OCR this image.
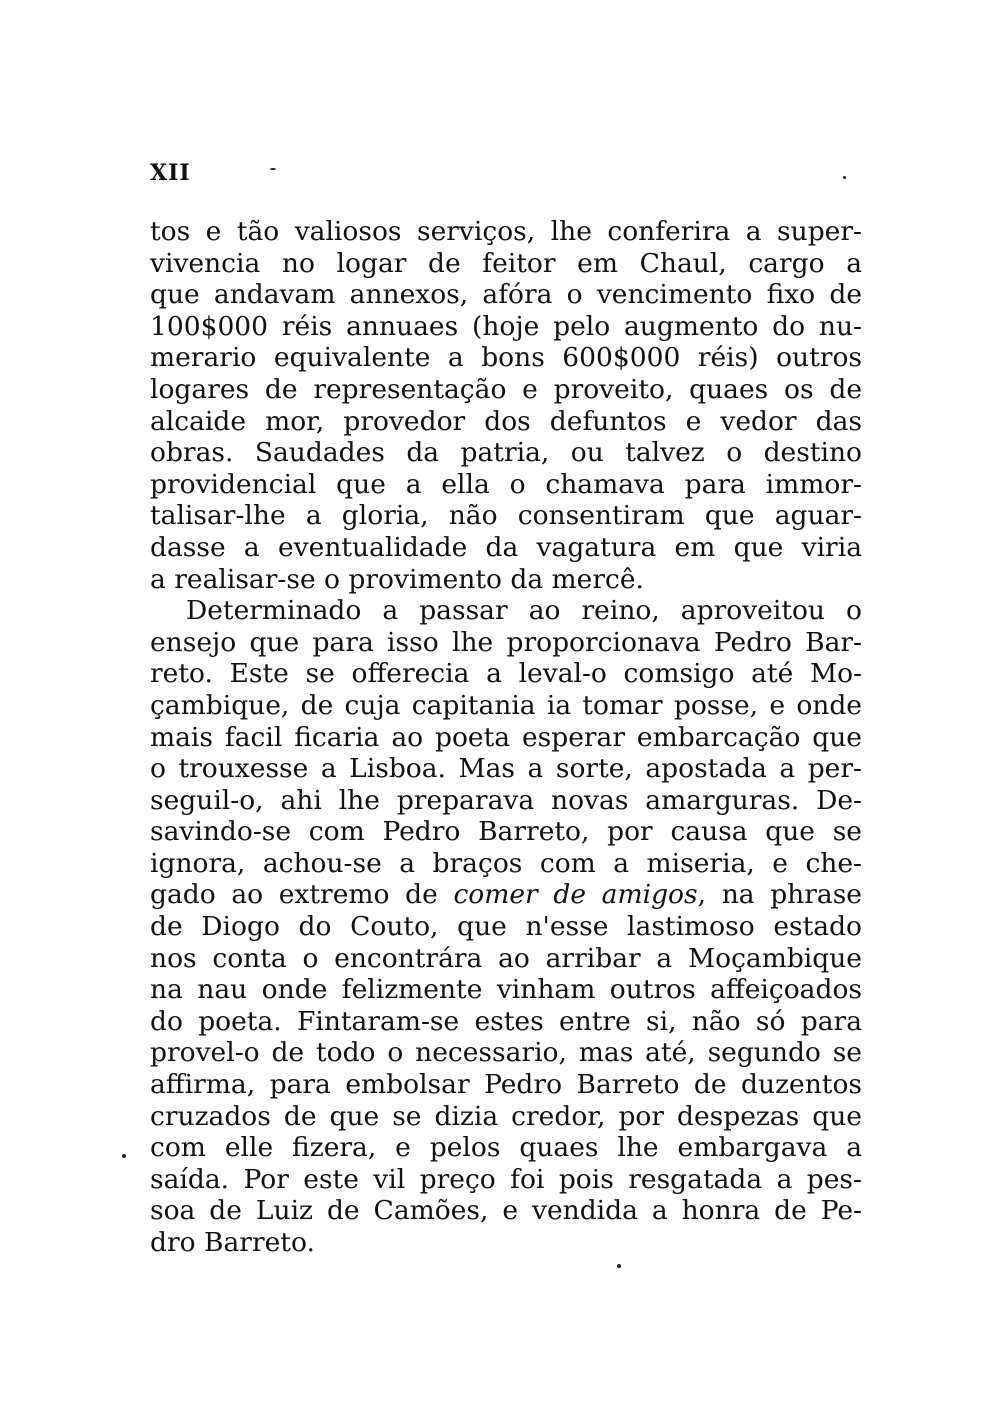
XII
tos e tão valiosos serviços, lhe conferira a super-
vivencia no logar de feitor em Chaul, cargo a
que andavam annexos, afóra o vencimento fixo de
100$000 réis annuaes (hoje pelo augmento do nu-
merario equivalente a bons 600$000 réis) outros
logares de representação e proveito, quaes os de
alcaide mor, provedor dos defuntos e vedor das
obras. Saudades da patria, ou talvez o destino
providencial que a ella o chamava para immor-
talisar-lhe a gloria, não consentiram que aguar-
dasse a eventualidade da vagatura em que viria
a realisar-se o provimento da mercê.
Determinado a passar ao reino, aproveitou o
ensejo que para isso lhe proporcionava Pedro Bar-
reto. Este se offerecia a leval-o comsigo até Mo-
çambique, de cuja capitania ia tomar posse, e onde
mais facil ficaria ao poeta esperar embarcação que
o trouxesse a Lisboa. Mas a sorte, apostada a per-
seguil-o, ahi lhe preparava novas amarguras. De-
savindo-se com Pedro Barreto, por causa que se
ignora, achou-se a braços com a miseria, e che-
gado ao extremo de comer de amigos, na phrase
de Diogo do Couto, que n'esse lastimoso estado
nos conta o encontrára ao arribar a Moçambique
na nau onde felizmente vinham outros affeiçoados
do poeta. Fintaram-se estes entre si, não só para
provel-o de todo o necessario, mas até, segundo se
affirma, para embolsar Pedro Barreto de duzentos
cruzados de que se dizia credor, por despezas que
com elle fizera, e pelos quaes lhe embargava a
saída. Por este vil preço foi pois resgatada a pes-
soa de Luiz de Camões, e vendida a honra de Pe-
dro Barreto.
